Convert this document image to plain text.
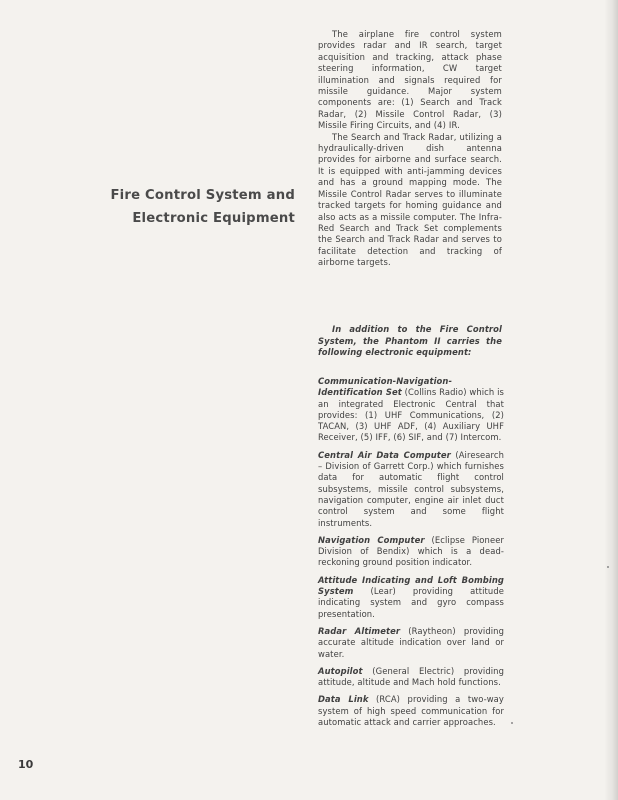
Fire Control System and
Electronic Equipment

The airplane fire control system provides radar and IR search, target acquisition and tracking, attack phase steering information, CW target illumination and signals required for missile guidance. Major system components are: (1) Search and Track Radar, (2) Missile Control Radar, (3) Missile Firing Circuits, and (4) IR.

The Search and Track Radar, utilizing a hydraulically-driven dish antenna provides for airborne and surface search. It is equipped with anti-jamming devices and has a ground mapping mode. The Missile Control Radar serves to illuminate tracked targets for homing guidance and also acts as a missile computer. The Infra-Red Search and Track Set complements the Search and Track Radar and serves to facilitate detection and tracking of airborne targets.

In addition to the Fire Control System, the Phantom II carries the following electronic equipment:

Communication-Navigation-Identification Set (Collins Radio) which is an integrated Electronic Central that provides: (1) UHF Communications, (2) TACAN, (3) UHF ADF, (4) Auxiliary UHF Receiver, (5) IFF, (6) SIF, and (7) Intercom.

Central Air Data Computer (Airesearch – Division of Garrett Corp.) which furnishes data for automatic flight control subsystems, missile control subsystems, navigation computer, engine air inlet duct control system and some flight instruments.

Navigation Computer (Eclipse Pioneer Division of Bendix) which is a dead-reckoning ground position indicator.

Attitude Indicating and Loft Bombing System (Lear) providing attitude indicating system and gyro compass presentation.

Radar Altimeter (Raytheon) providing accurate altitude indication over land or water.

Autopilot (General Electric) providing attitude, altitude and Mach hold functions.

Data Link (RCA) providing a two-way system of high speed communication for automatic attack and carrier approaches.

10
